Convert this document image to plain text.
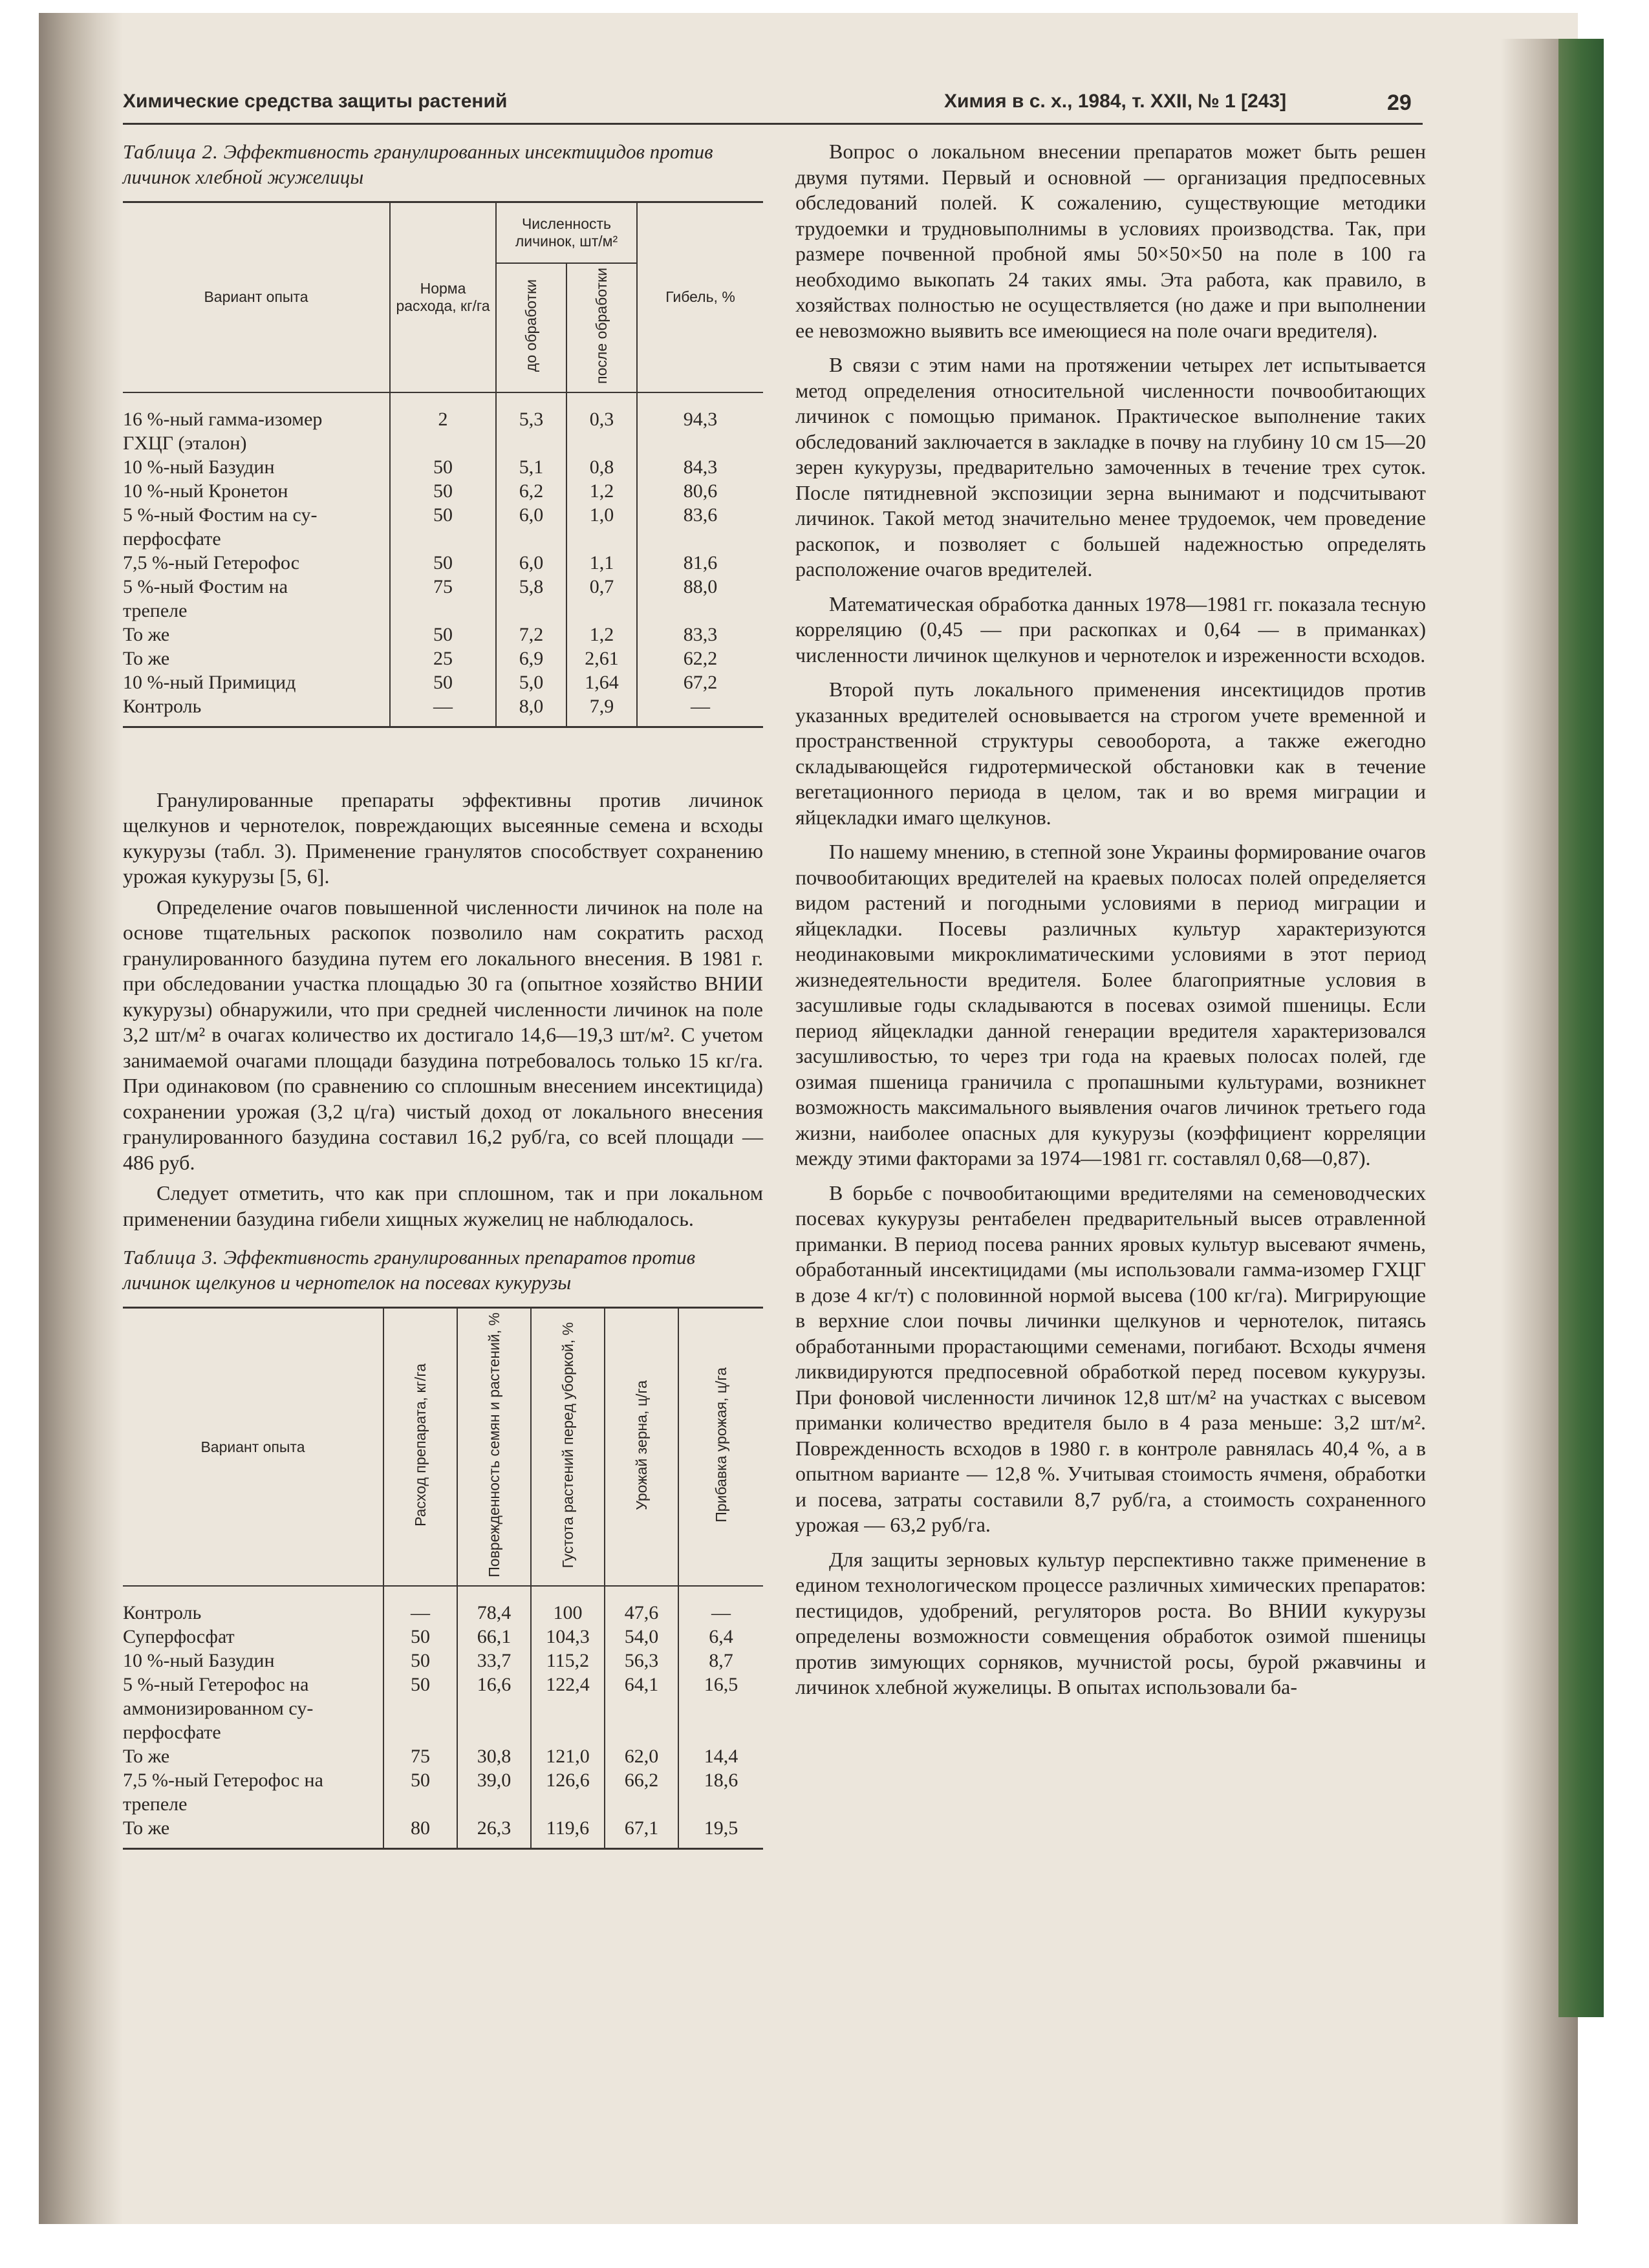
Химические средства защиты растений	Химия в с. х., 1984, т. XXII, № 1 [243]	29
Таблица 2. Эффективность гранулированных инсектицидов против личинок хлебной жужелицы
Вариант опыта	Норма расхода, кг/га	Численность личинок, шт/м²		Гибель, %
		до обработки	после обработки	

16 %-ный гамма-изомер
ГХЦГ (эталон)	2	5,3	0,3	94,3

10 %-ный Базудин	50	5,1	0,8	84,3

10 %-ный Кронетон	50	6,2	1,2	80,6

5 %-ный Фостим на су-
перфосфате	50	6,0	1,0	83,6

7,5 %-ный Гетерофос	50	6,0	1,1	81,6

5 %-ный Фостим на
трепеле	75	5,8	0,7	88,0

То же	50	7,2	1,2	83,3

То же	25	6,9	2,61	62,2

10 %-ный Примицид	50	5,0	1,64	67,2

Контроль	—	8,0	7,9	—

Гранулированные препараты эффективны против личинок щелкунов и чернотелок, повреждающих высеянные семена и всходы кукурузы (табл. 3). Применение гранулятов способствует сохранению урожая кукурузы [5, 6].

Определение очагов повышенной численности личинок на поле на основе тщательных раскопок позволило нам сократить расход гранулированного базудина путем его локального внесения. В 1981 г. при обследовании участка площадью 30 га (опытное хозяйство ВНИИ кукурузы) обнаружили, что при средней численности личинок на поле 3,2 шт/м² в очагах количество их достигало 14,6—19,3 шт/м². С учетом занимаемой очагами площади базудина потребовалось только 15 кг/га. При одинаковом (по сравнению со сплошным внесением инсектицида) сохранении урожая (3,2 ц/га) чистый доход от локального внесения гранулированного базудина составил 16,2 руб/га, со всей площади — 486 руб.

Следует отметить, что как при сплошном, так и при локальном применении базудина гибели хищных жужелиц не наблюдалось.

Таблица 3. Эффективность гранулированных препаратов против личинок щелкунов и чернотелок на посевах кукурузы
Вариант опыта	Расход препарата, кг/га	Поврежденность семян и растений, %	Густота растений перед уборкой, %	Урожай зерна, ц/га	Прибавка урожая, ц/га

Контроль	—	78,4	100	47,6	—

Суперфосфат	50	66,1	104,3	54,0	6,4

10 %-ный Базудин	50	33,7	115,2	56,3	8,7

5 %-ный Гетерофос на
аммонизированном су-
перфосфате	50	16,6	122,4	64,1	16,5

То же	75	30,8	121,0	62,0	14,4

7,5 %-ный Гетерофос на
трепеле	50	39,0	126,6	66,2	18,6

То же	80	26,3	119,6	67,1	19,5

Вопрос о локальном внесении препаратов может быть решен двумя путями. Первый и основной — организация предпосевных обследований полей. К сожалению, существующие методики трудоемки и трудновыполнимы в условиях производства. Так, при размере почвенной пробной ямы 50×50×50 на поле в 100 га необходимо выкопать 24 таких ямы. Эта работа, как правило, в хозяйствах полностью не осуществляется (но даже и при выполнении ее невозможно выявить все имеющиеся на поле очаги вредителя).

В связи с этим нами на протяжении четырех лет испытывается метод определения относительной численности почвообитающих личинок с помощью приманок. Практическое выполнение таких обследований заключается в закладке в почву на глубину 10 см 15—20 зерен кукурузы, предварительно замоченных в течение трех суток. После пятидневной экспозиции зерна вынимают и подсчитывают личинок. Такой метод значительно менее трудоемок, чем проведение раскопок, и позволяет с большей надежностью определять расположение очагов вредителей.

Математическая обработка данных 1978—1981 гг. показала тесную корреляцию (0,45 — при раскопках и 0,64 — в приманках) численности личинок щелкунов и чернотелок и изреженности всходов.

Второй путь локального применения инсектицидов против указанных вредителей основывается на строгом учете временной и пространственной структуры севооборота, а также ежегодно складывающейся гидротермической обстановки как в течение вегетационного периода в целом, так и во время миграции и яйцекладки имаго щелкунов.

По нашему мнению, в степной зоне Украины формирование очагов почвообитающих вредителей на краевых полосах полей определяется видом растений и погодными условиями в период миграции и яйцекладки. Посевы различных культур характеризуются неодинаковыми микроклиматическими условиями в этот период жизнедеятельности вредителя. Более благоприятные условия в засушливые годы складываются в посевах озимой пшеницы. Если период яйцекладки данной генерации вредителя характеризовался засушливостью, то через три года на краевых полосах полей, где озимая пшеница граничила с пропашными культурами, возникнет возможность максимального выявления очагов личинок третьего года жизни, наиболее опасных для кукурузы (коэффициент корреляции между этими факторами за 1974—1981 гг. составлял 0,68—0,87).

В борьбе с почвообитающими вредителями на семеноводческих посевах кукурузы рентабелен предварительный высев отравленной приманки. В период посева ранних яровых культур высевают ячмень, обработанный инсектицидами (мы использовали гамма-изомер ГХЦГ в дозе 4 кг/т) с половинной нормой высева (100 кг/га). Мигрирующие в верхние слои почвы личинки щелкунов и чернотелок, питаясь обработанными прорастающими семенами, погибают. Всходы ячменя ликвидируются предпосевной обработкой перед посевом кукурузы. При фоновой численности личинок 12,8 шт/м² на участках с высевом приманки количество вредителя было в 4 раза меньше: 3,2 шт/м². Поврежденность всходов в 1980 г. в контроле равнялась 40,4 %, а в опытном варианте — 12,8 %. Учитывая стоимость ячменя, обработки и посева, затраты составили 8,7 руб/га, а стоимость сохраненного урожая — 63,2 руб/га.

Для защиты зерновых культур перспективно также применение в едином технологическом процессе различных химических препаратов: пестицидов, удобрений, регуляторов роста. Во ВНИИ кукурузы определены возможности совмещения обработок озимой пшеницы против зимующих сорняков, мучнистой росы, бурой ржавчины и личинок хлебной жужелицы. В опытах использовали ба-
